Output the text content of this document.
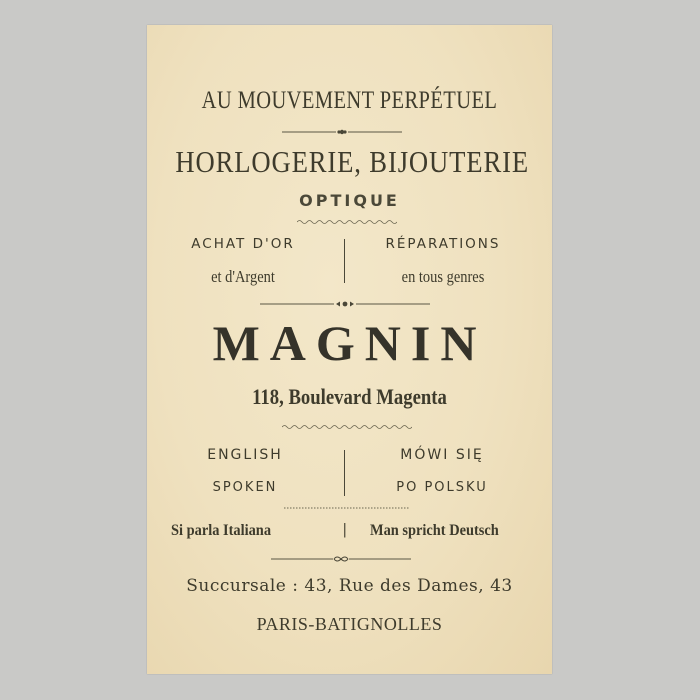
AU MOUVEMENT PERPÉTUEL
HORLOGERIE, BIJOUTERIE
OPTIQUE
ACHAT D'OR
et d'Argent
RÉPARATIONS
en tous genres
MAGNIN
118, Boulevard Magenta
ENGLISH
SPOKEN
MÓWI SIĘ
PO POLSKU
Si parla Italiana	| Man spricht Deutsch
Succursale : 43, Rue des Dames, 43
PARIS-BATIGNOLLES
